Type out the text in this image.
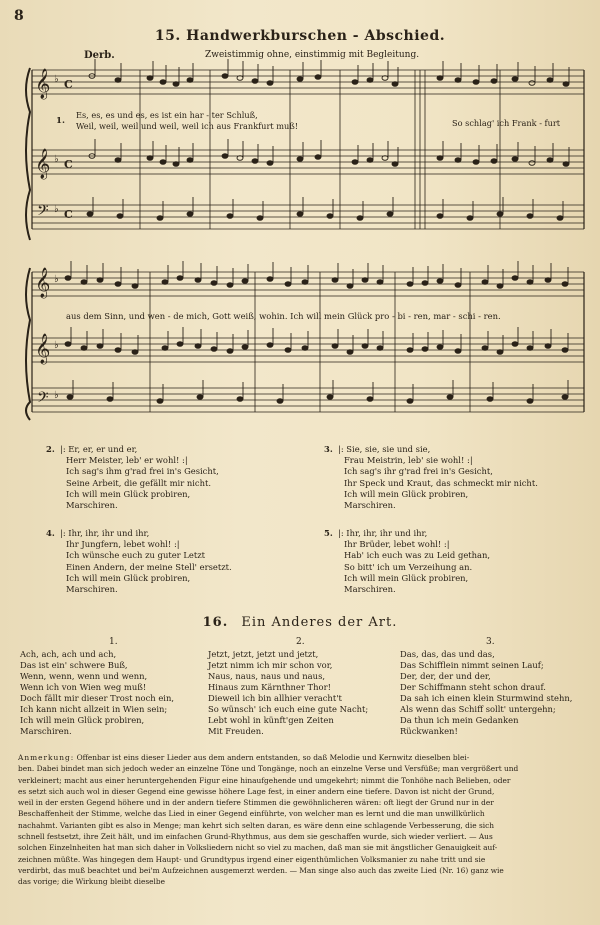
8
15. Handwerkburschen - Abschied.
Derb.	Zweistimmig ohne, einstimmig mit Begleitung.
𝄞
𝄞
𝄢
𝄞
𝄞
𝄢
♭ C
♭ C
♭ C
♭
♭
♭
1.
Es, es, es und es, es ist ein har - ter Schluß,
Weil, weil, weil und weil, weil ich aus Frankfurt muß!	So schlag' ich Frank - furt
aus dem Sinn, und wen - de mich, Gott weiß, wohin. Ich will mein Glück pro - bi - ren, mar - schi - ren.
2. |: Er, er, er und er,
Herr Meister, leb' er wohl! :|
Ich sag's ihm g'rad frei in's Gesicht,
Seine Arbeit, die gefällt mir nicht.
Ich will mein Glück probiren,
Marschiren.
3. |: Sie, sie, sie und sie,
Frau Meistrin, leb' sie wohl! :|
Ich sag's ihr g'rad frei in's Gesicht,
Ihr Speck und Kraut, das schmeckt mir nicht.
Ich will mein Glück probiren,
Marschiren.
4. |: Ihr, ihr, ihr und ihr,
Ihr Jungfern, lebet wohl! :|
Ich wünsche euch zu guter Letzt
Einen Andern, der meine Stell' ersetzt.
Ich will mein Glück probiren,
Marschiren.
5. |: Ihr, ihr, ihr und ihr,
Ihr Brüder, lebet wohl! :|
Hab' ich euch was zu Leid gethan,
So bitt' ich um Verzeihung an.
Ich will mein Glück probiren,
Marschiren.
16. Ein Anderes der Art.
1.	2.	3.
Ach, ach, ach und ach,
Das ist ein' schwere Buß,
Wenn, wenn, wenn und wenn,
Wenn ich von Wien weg muß!
Doch fällt mir dieser Trost noch ein,
Ich kann nicht allzeit in Wien sein;
Ich will mein Glück probiren,
Marschiren.
Jetzt, jetzt, jetzt und jetzt,
Jetzt nimm ich mir schon vor,
Naus, naus, naus und naus,
Hinaus zum Kärnthner Thor!
Dieweil ich bin allhier veracht't
So wünsch' ich euch eine gute Nacht;
Lebt wohl in künft'gen Zeiten
Mit Freuden.
Das, das, das und das,
Das Schifflein nimmt seinen Lauf;
Der, der, der und der,
Der Schiffmann steht schon drauf.
Da sah ich einen klein Sturmwind stehn,
Als wenn das Schiff sollt' untergehn;
Da thun ich mein Gedanken
Rückwanken!
Anmerkung: Offenbar ist eins dieser Lieder aus dem andern entstanden, so daß Melodie und Kernwitz dieselben blei-
ben. Dabei bindet man sich jedoch weder an einzelne Töne und Tongänge, noch an einzelne Verse und Versfüße; man vergrößert und
verkleinert; macht aus einer heruntergehenden Figur eine hinaufgehende und umgekehrt; nimmt die Tonhöhe nach Belieben, oder
es setzt sich auch wol in dieser Gegend eine gewisse höhere Lage fest, in einer andern eine tiefere. Davon ist nicht der Grund,
weil in der ersten Gegend höhere und in der andern tiefere Stimmen die gewöhnlicheren wären: oft liegt der Grund nur in der
Beschaffenheit der Stimme, welche das Lied in einer Gegend einführte, von welcher man es lernt und die man unwillkürlich
nachahmt. Varianten gibt es also in Menge; man kehrt sich selten daran, es wäre denn eine schlagende Verbesserung, die sich
schnell festsetzt, ihre Zeit hält, und im einfachen Grund-Rhythmus, aus dem sie geschaffen wurde, sich wieder verliert. — Aus
solchen Einzelnheiten hat man sich daher in Volksliedern nicht so viel zu machen, daß man sie mit ängstlicher Genauigkeit auf-
zeichnen müßte. Was hingegen dem Haupt- und Grundtypus irgend einer eigenthümlichen Volksmanier zu nahe tritt und sie
verdirbt, das muß beachtet und bei'm Aufzeichnen ausgemerzt werden. — Man singe also auch das zweite Lied (Nr. 16) ganz wie
das vorige; die Wirkung bleibt dieselbe
